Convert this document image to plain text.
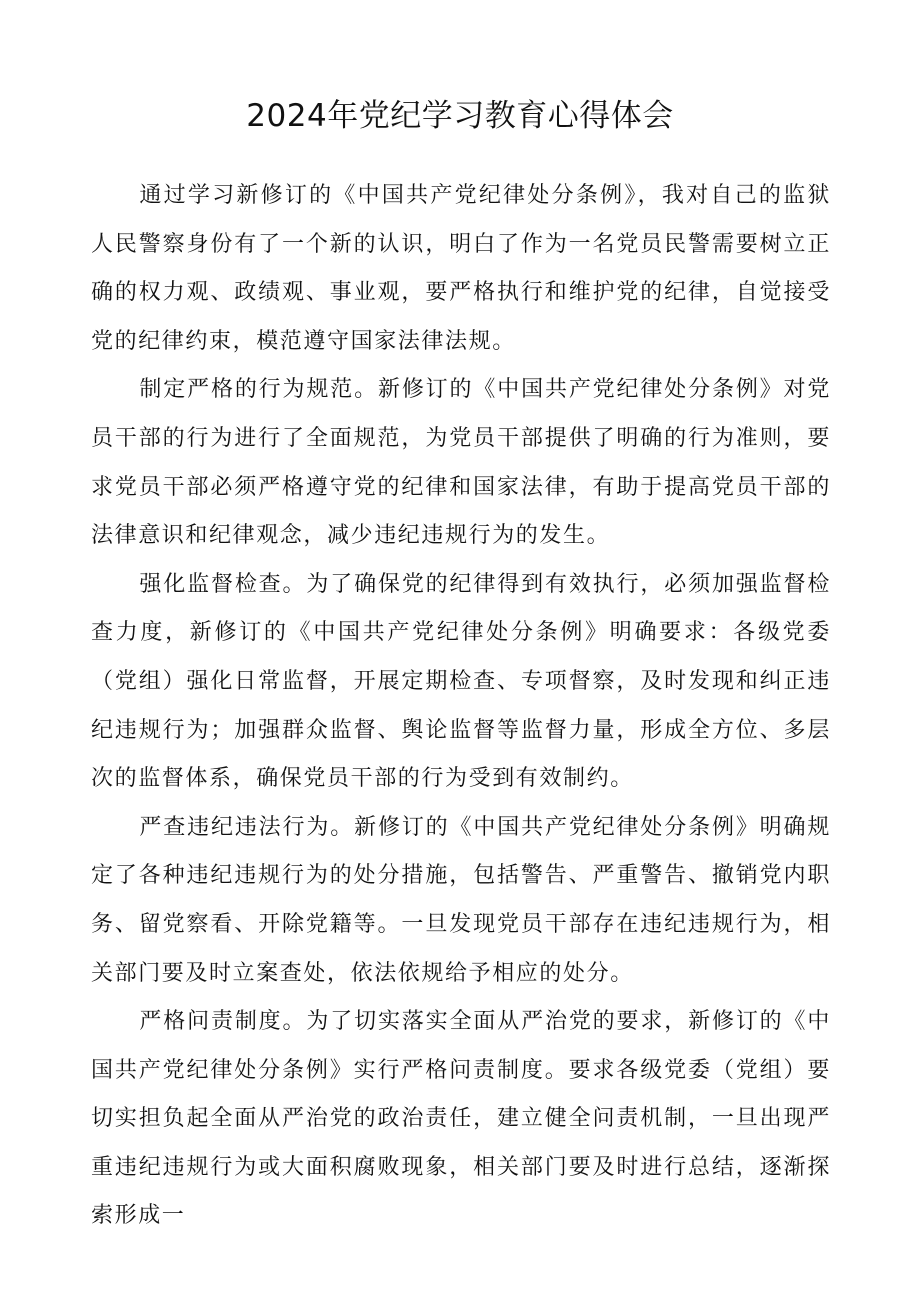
2024年党纪学习教育心得体会

通过学习新修订的《中国共产党纪律处分条例》，我对自己的监狱人民警察身份有了一个新的认识，明白了作为一名党员民警需要树立正确的权力观、政绩观、事业观，要严格执行和维护党的纪律，自觉接受党的纪律约束，模范遵守国家法律法规。

制定严格的行为规范。新修订的《中国共产党纪律处分条例》对党员干部的行为进行了全面规范，为党员干部提供了明确的行为准则，要求党员干部必须严格遵守党的纪律和国家法律，有助于提高党员干部的法律意识和纪律观念，减少违纪违规行为的发生。

强化监督检查。为了确保党的纪律得到有效执行，必须加强监督检查力度，新修订的《中国共产党纪律处分条例》明确要求：各级党委（党组）强化日常监督，开展定期检查、专项督察，及时发现和纠正违纪违规行为；加强群众监督、舆论监督等监督力量，形成全方位、多层次的监督体系，确保党员干部的行为受到有效制约。

严查违纪违法行为。新修订的《中国共产党纪律处分条例》明确规定了各种违纪违规行为的处分措施，包括警告、严重警告、撤销党内职务、留党察看、开除党籍等。一旦发现党员干部存在违纪违规行为，相关部门要及时立案查处，依法依规给予相应的处分。

严格问责制度。为了切实落实全面从严治党的要求，新修订的《中国共产党纪律处分条例》实行严格问责制度。要求各级党委（党组）要切实担负起全面从严治党的政治责任，建立健全问责机制，一旦出现严重违纪违规行为或大面积腐败现象，相关部门要及时进行总结，逐渐探索形成一
